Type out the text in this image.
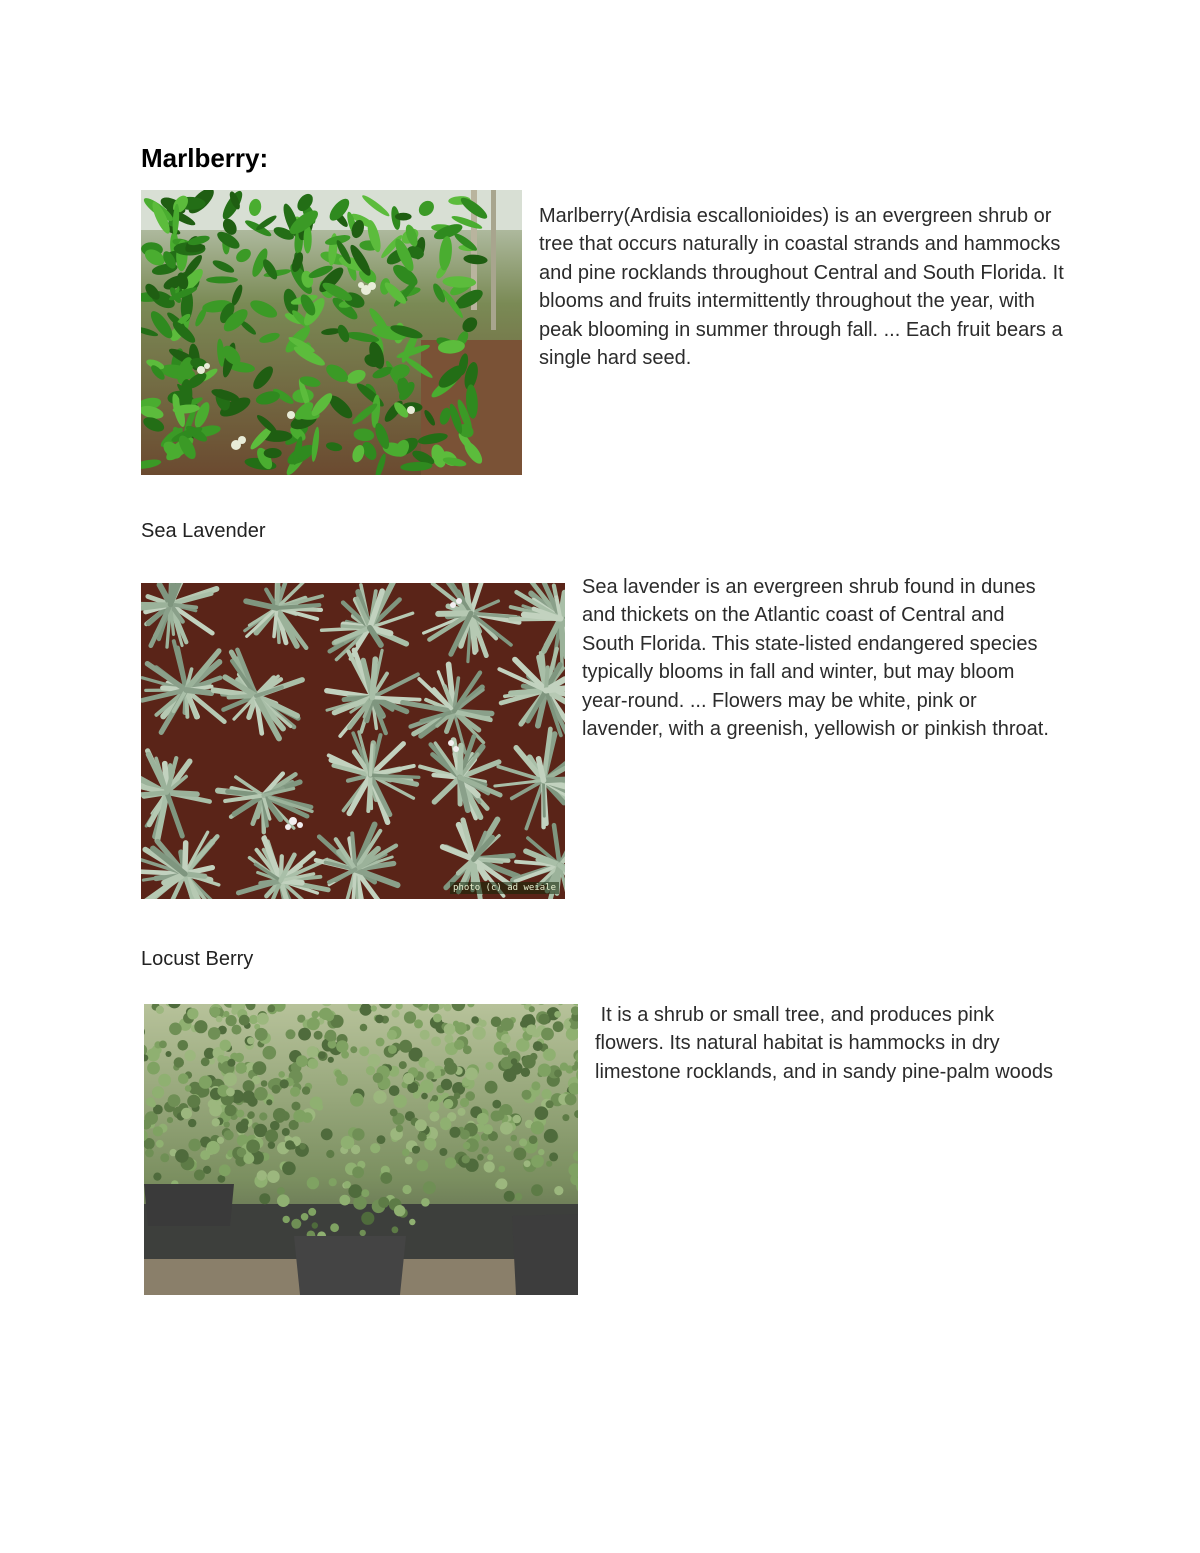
Marlberry:

Marlberry(Ardisia escallonioides) is an evergreen shrub or tree that occurs naturally in coastal strands and hammocks and pine rocklands throughout Central and South Florida. It blooms and fruits intermittently throughout the year, with peak blooming in summer through fall. ... Each fruit bears a single hard seed.

Sea Lavender
photo (c) ad weiale

Sea lavender is an evergreen shrub found in dunes and thickets on the Atlantic coast of Central and South Florida. This state-listed endangered species typically blooms in fall and winter, but may bloom year-round. ... Flowers may be white, pink or lavender, with a greenish, yellowish or pinkish throat.

Locust Berry

It is a shrub or small tree, and produces pink flowers. Its natural habitat is hammocks in dry limestone rocklands, and in sandy pine-palm woods
